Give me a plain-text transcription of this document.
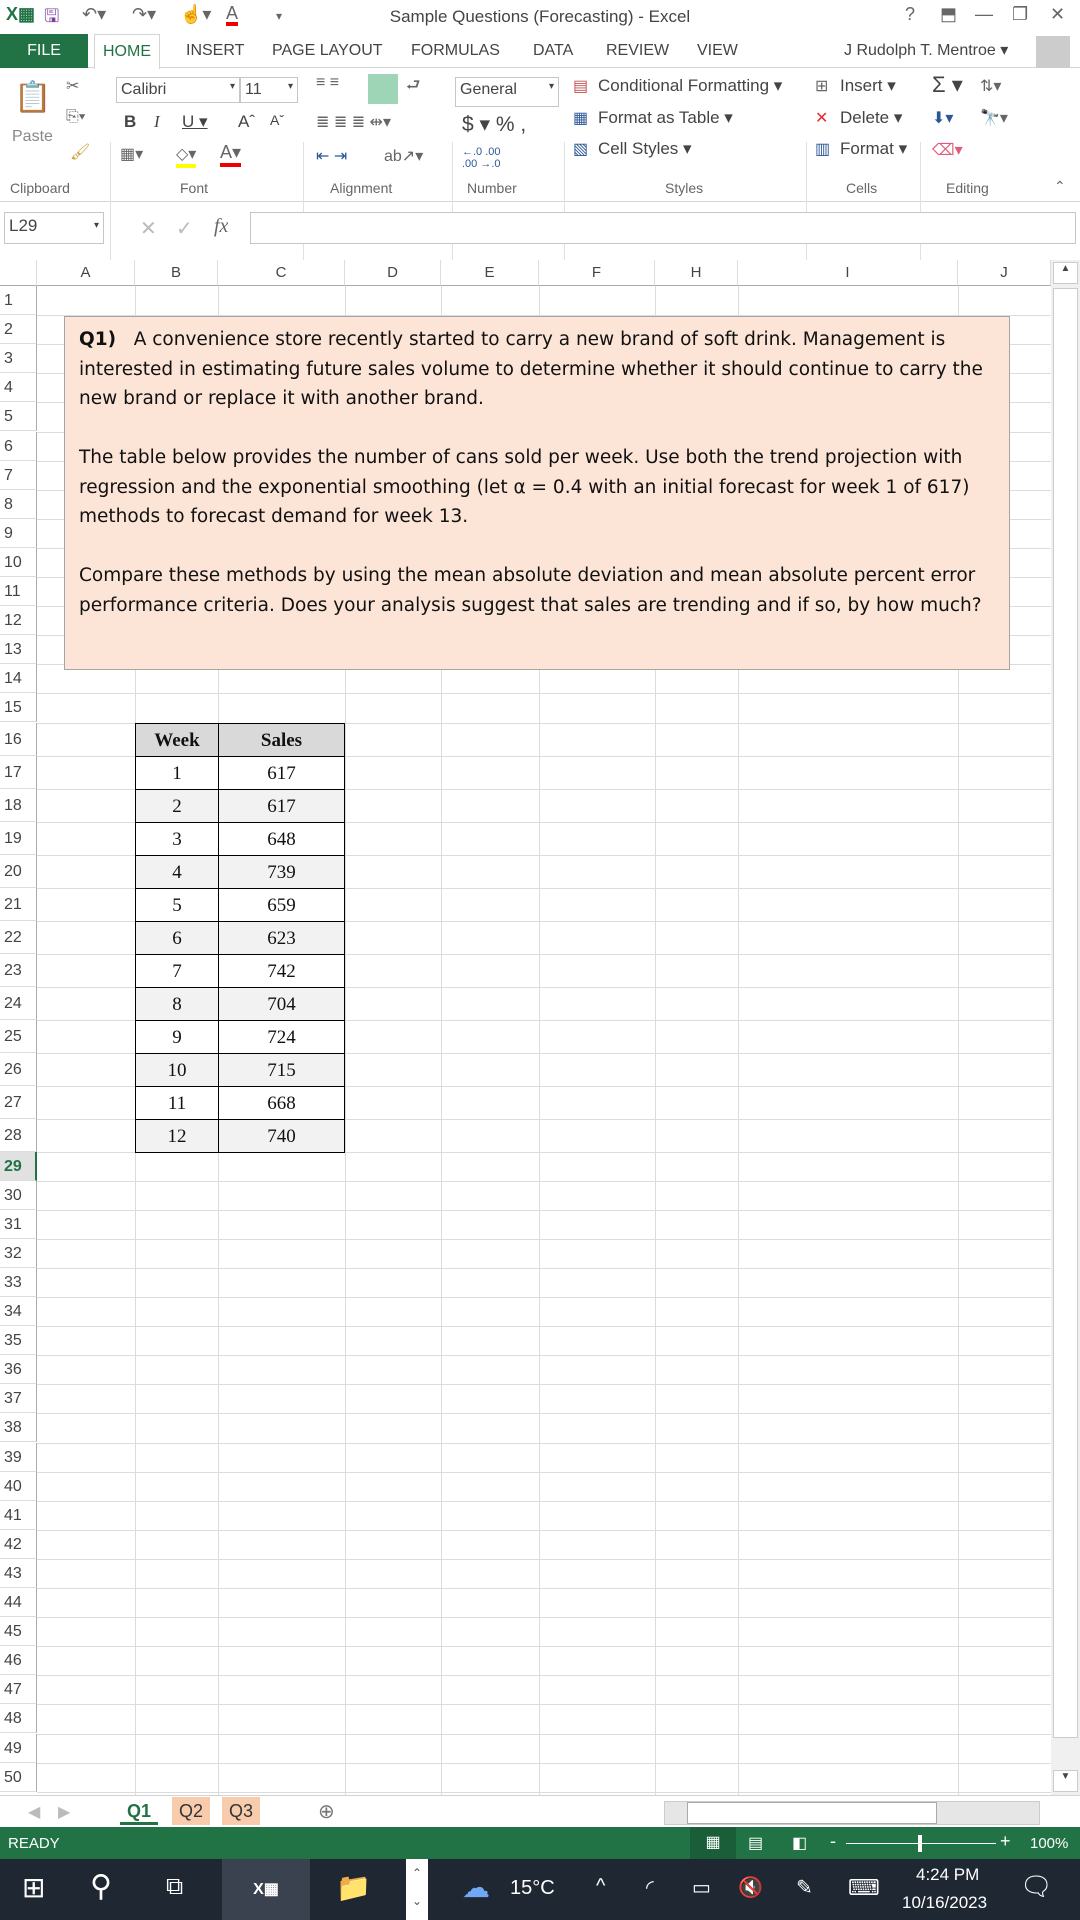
X▦ 🖫 ↶▾ ↷▾ ☝▾ A	▾	Sample Questions (Forecasting) - Excel	? ⬒ — ❐ ✕
FILE	HOME	INSERT	PAGE LAYOUT	FORMULAS	DATA	REVIEW	VIEW	J Rudolph T. Mentroe ▾
📋
Paste
✂
⎘▾
🖌
Calibri	▾ 11	▾
B I U ▾ Aˆ Aˇ
▦▾ ◇▾ A▾
≡ ≡	⮐
≣ ≣ ≣ ⇹▾
⇤ ⇥ ab↗▾
General	▾
$ ▾ % ,
←.0 .00
.00 →.0
▤ Conditional Formatting ▾
▦ Format as Table ▾
▧ Cell Styles ▾
⊞ Insert ▾
✕ Delete ▾
▥ Format ▾
Σ ▾ ⇅▾
⬇▾ 🔭▾
⌫▾
Clipboard	Font	Alignment	Number	Styles	Cells	Editing	⌃
L29	▾ ✕ ✓ fx
A	B	C	D	E	F	H	I	J
1
2
3
4
5
6
7
8
9
10
11
12
13
14
15
16
17
18
19
20
21
22
23
24
25
26
27
28
29
30
31
32
33
34
35
36
37
38
39
40
41
42
43
44
45
46
47
48
49
50
▲
▼

Q1) A convenience store recently started to carry a new brand of soft drink. Management is interested in estimating future sales volume to determine whether it should continue to carry the new brand or replace it with another brand.

The table below provides the number of cans sold per week. Use both the trend projection with regression and the exponential smoothing (let α = 0.4 with an initial forecast for week 1 of 617) methods to forecast demand for week 13.

Compare these methods by using the mean absolute deviation and mean absolute percent error performance criteria. Does your analysis suggest that sales are trending and if so, by how much?

Week	Sales
1	617
2	617
3	648
4	739
5	659
6	623
7	742
8	704
9	724
10	715
11	668
12	740
◀ ▶	⊕
Q1	Q2	Q3
READY	▦	▤ ◧ -	+ 100%
⊞ ⚲ ⧉	X▦	📁	⌃
⌄ ☁ 15°C ^ ◜ ▭ 🔇 ✎ ⌨
4:24 PM
10/16/2023
🗨
